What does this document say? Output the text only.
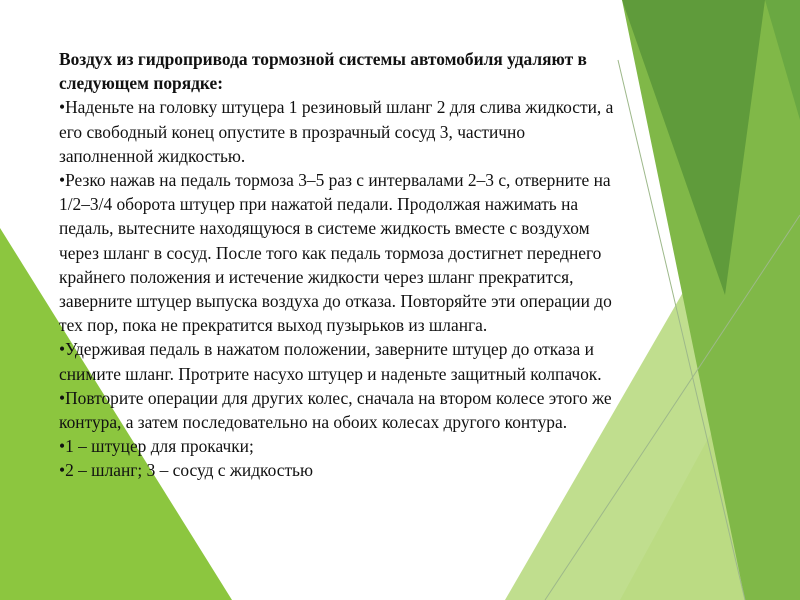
Воздух из гидропривода тормозной системы автомобиля удаляют в следующем порядке:

•Наденьте на головку штуцера 1 резиновый шланг 2 для слива жидкости, а его свободный конец опустите в прозрачный сосуд 3, частично заполненной жидкостью.

•Резко нажав на педаль тормоза 3–5 раз с интервалами 2–3 с, отверните на 1/2–3/4 оборота штуцер при нажатой педали. Продолжая нажимать на педаль, вытесните находящуюся в системе жидкость вместе с воздухом через шланг в сосуд. После того как педаль тормоза достигнет переднего крайнего положения и истечение жидкости через шланг прекратится, заверните штуцер выпуска воздуха до отказа. Повторяйте эти операции до тех пор, пока не прекратится выход пузырьков из шланга.

•Удерживая педаль в нажатом положении, заверните штуцер до отказа и снимите шланг. Протрите насухо штуцер и наденьте защитный колпачок.

•Повторите операции для других колес, сначала на втором колесе этого же контура, а затем последовательно на обоих колесах другого контура.

•1 – штуцер для прокачки;

•2 – шланг; 3 – сосуд с жидкостью
